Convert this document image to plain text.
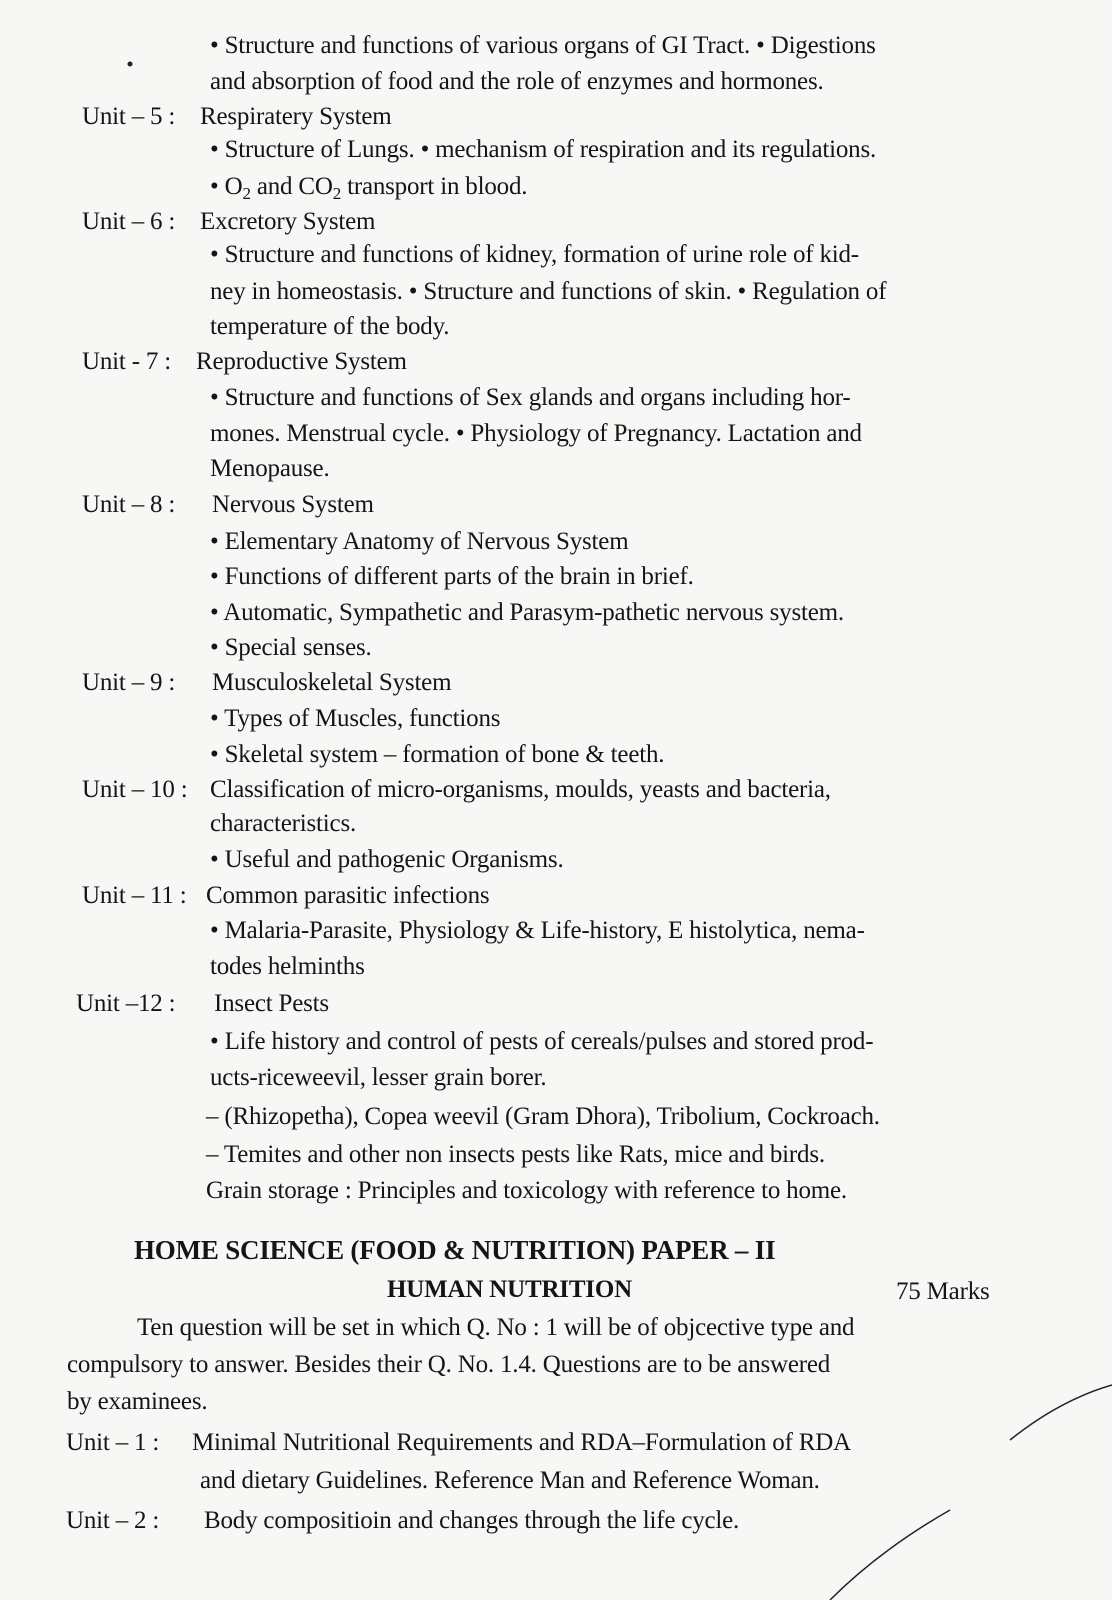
• Structure and functions of various organs of GI Tract. • Digestions
and absorption of food and the role of enzymes and hormones.
Unit – 5 : Respiratery System
• Structure of Lungs. • mechanism of respiration and its regulations.
• $O_2$ and $CO_2$ transport in blood.
Unit – 6 : Excretory System
• Structure and functions of kidney, formation of urine role of kid-
ney in homeostasis. • Structure and functions of skin. • Regulation of
temperature of the body.
Unit - 7 : Reproductive System
• Structure and functions of Sex glands and organs including hor-
mones. Menstrual cycle. • Physiology of Pregnancy. Lactation and
Menopause.
Unit – 8 : Nervous System
• Elementary Anatomy of Nervous System
• Functions of different parts of the brain in brief.
• Automatic, Sympathetic and Parasym-pathetic nervous system.
• Special senses.
Unit – 9 : Musculoskeletal System
• Types of Muscles, functions
• Skeletal system – formation of bone & teeth.
Unit – 10 : Classification of micro-organisms, moulds, yeasts and bacteria,
characteristics.
• Useful and pathogenic Organisms.
Unit – 11 : Common parasitic infections
• Malaria-Parasite, Physiology & Life-history, E histolytica, nema-
todes helminths
Unit –12 : Insect Pests
• Life history and control of pests of cereals/pulses and stored prod-
ucts-riceweevil, lesser grain borer.
– (Rhizopetha), Copea weevil (Gram Dhora), Tribolium, Cockroach.
– Temites and other non insects pests like Rats, mice and birds.
Grain storage : Principles and toxicology with reference to home.
HOME SCIENCE (FOOD & NUTRITION) PAPER – II
HUMAN NUTRITION	75 Marks
Ten question will be set in which Q. No : 1 will be of objcective type and
compulsory to answer. Besides their Q. No. 1.4. Questions are to be answered
by examinees.
Unit – 1 : Minimal Nutritional Requirements and RDA–Formulation of RDA
and dietary Guidelines. Reference Man and Reference Woman.
Unit – 2 : Body compositioin and changes through the life cycle.
